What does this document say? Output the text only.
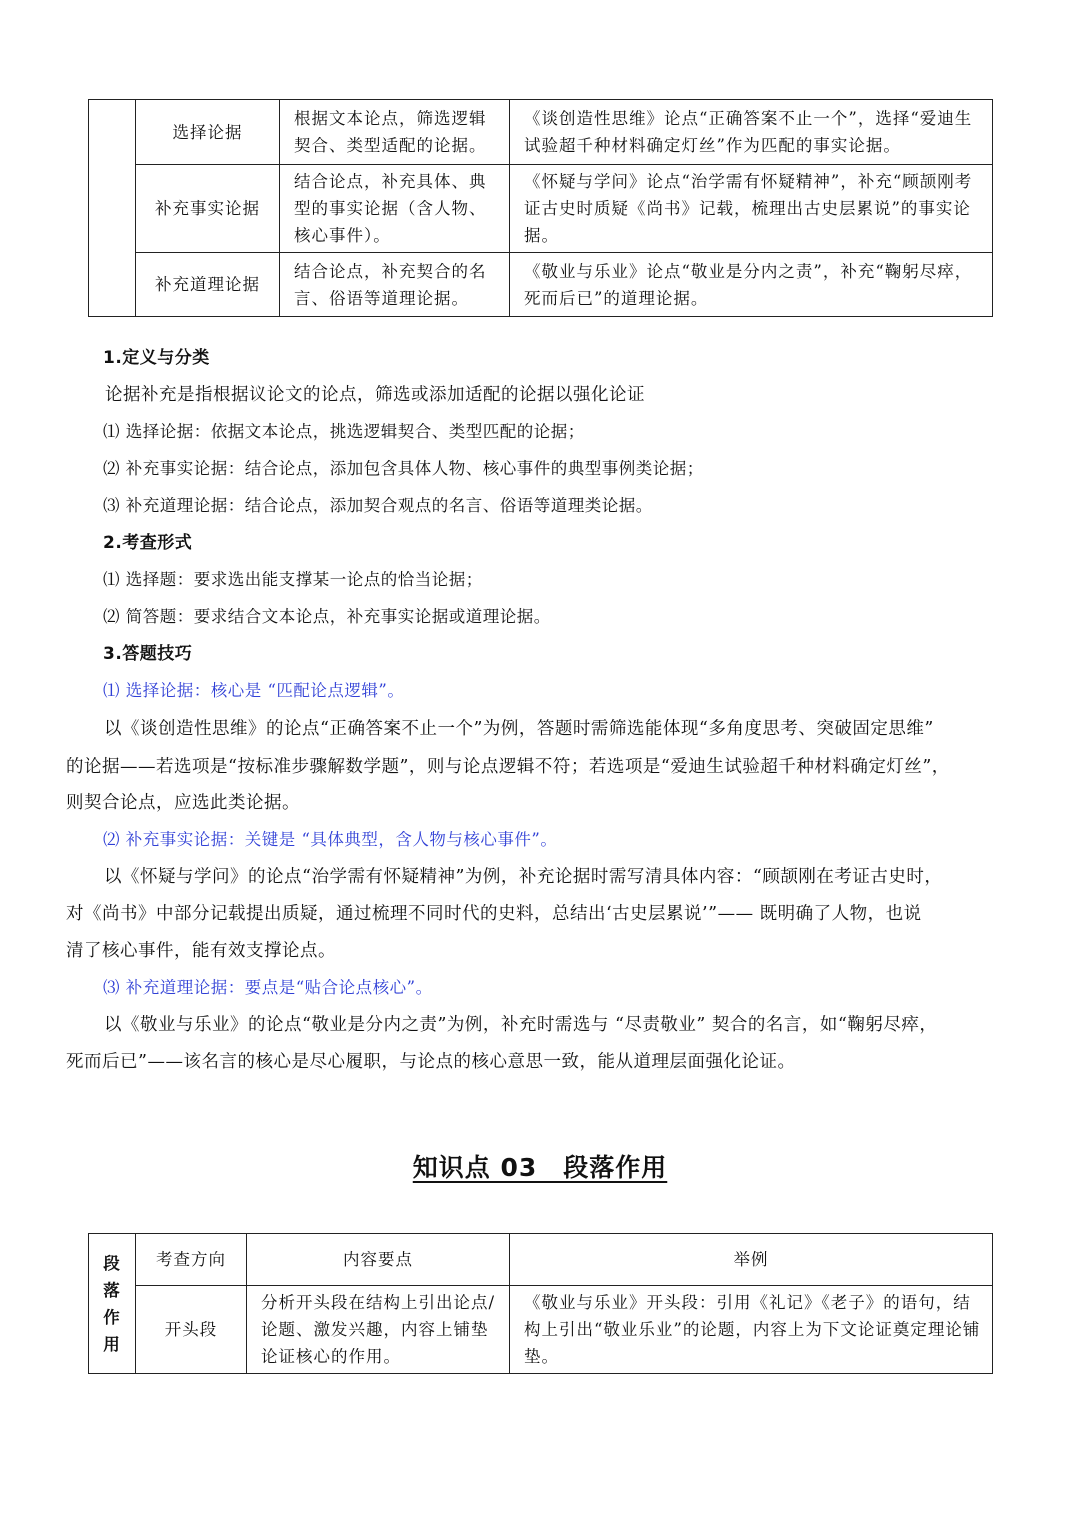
	选择论据	根据文本论点，筛选逻辑契合、类型适配的论据。	《谈创造性思维》论点“正确答案不止一个”，选择“爱迪生试验超千种材料确定灯丝”作为匹配的事实论据。
	补充事实论据	结合论点，补充具体、典型的事实论据（含人物、核心事件）。	《怀疑与学问》论点“治学需有怀疑精神”，补充“顾颉刚考证古史时质疑《尚书》记载，梳理出古史层累说”的事实论据。
	补充道理论据	结合论点，补充契合的名言、俗语等道理论据。	《敬业与乐业》论点“敬业是分内之责”，补充“鞠躬尽瘁，死而后已”的道理论据。
1.定义与分类
论据补充是指根据议论文的论点，筛选或添加适配的论据以强化论证
⑴ 选择论据：依据文本论点，挑选逻辑契合、类型匹配的论据；
⑵ 补充事实论据：结合论点，添加包含具体人物、核心事件的典型事例类论据；
⑶ 补充道理论据：结合论点，添加契合观点的名言、俗语等道理类论据。
2.考查形式
⑴ 选择题：要求选出能支撑某一论点的恰当论据；
⑵ 简答题：要求结合文本论点，补充事实论据或道理论据。
3.答题技巧
⑴ 选择论据：核心是 “匹配论点逻辑”。
以《谈创造性思维》的论点“正确答案不止一个”为例，答题时需筛选能体现“多角度思考、突破固定思维”
的论据——若选项是“按标准步骤解数学题”，则与论点逻辑不符；若选项是“爱迪生试验超千种材料确定灯丝”，
则契合论点，应选此类论据。
⑵ 补充事实论据：关键是 “具体典型，含人物与核心事件”。
以《怀疑与学问》的论点“治学需有怀疑精神”为例，补充论据时需写清具体内容：“顾颉刚在考证古史时，
对《尚书》中部分记载提出质疑，通过梳理不同时代的史料，总结出‘古史层累说’”—— 既明确了人物，也说
清了核心事件，能有效支撑论点。
⑶ 补充道理论据：要点是“贴合论点核心”。
以《敬业与乐业》的论点“敬业是分内之责”为例，补充时需选与 “尽责敬业” 契合的名言，如“鞠躬尽瘁，
死而后已”——该名言的核心是尽心履职，与论点的核心意思一致，能从道理层面强化论证。
知识点 03　段落作用
段
落
作
用	考查方向	内容要点	举例
	开头段	分析开头段在结构上引出论点/论题、激发兴趣，内容上铺垫论证核心的作用。	《敬业与乐业》开头段：引用《礼记》《老子》的语句，结构上引出“敬业乐业”的论题，内容上为下文论证奠定理论铺垫。
